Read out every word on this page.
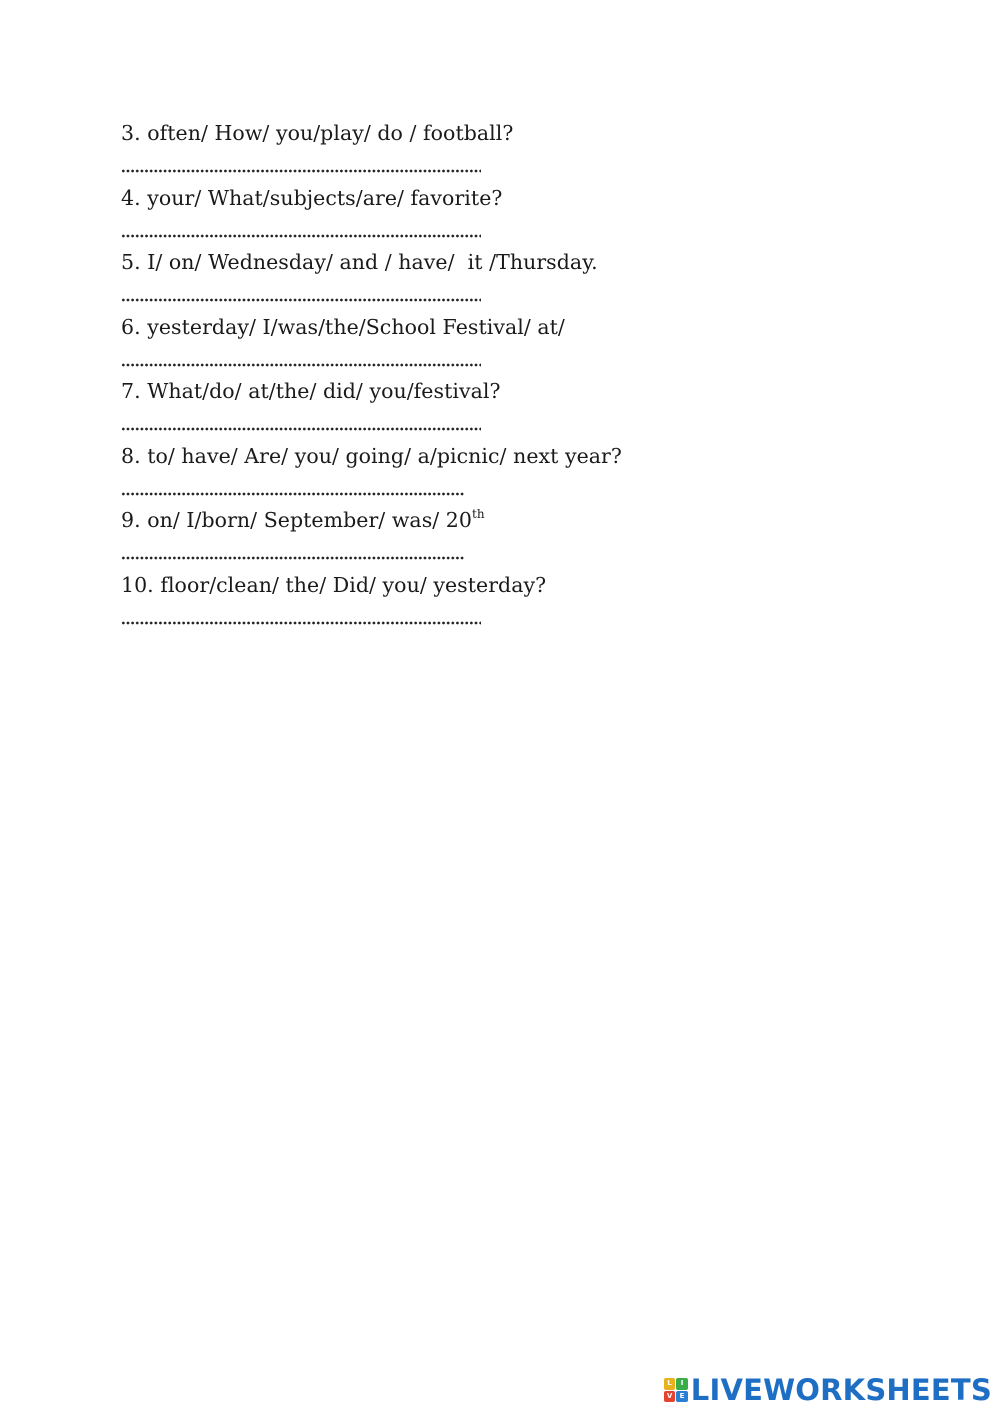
3. often/ How/ you/play/ do / football?
4. your/ What/subjects/are/ favorite?
5. I/ on/ Wednesday/ and / have/  it /Thursday.
6. yesterday/ I/was/the/School Festival/ at/
7. What/do/ at/the/ did/ you/festival?
8. to/ have/ Are/ you/ going/ a/picnic/ next year?
9. on/ I/born/ September/ was/ 20th
10. floor/clean/ the/ Did/ you/ yesterday?
L	I
V	E LIVEWORKSHEETS
